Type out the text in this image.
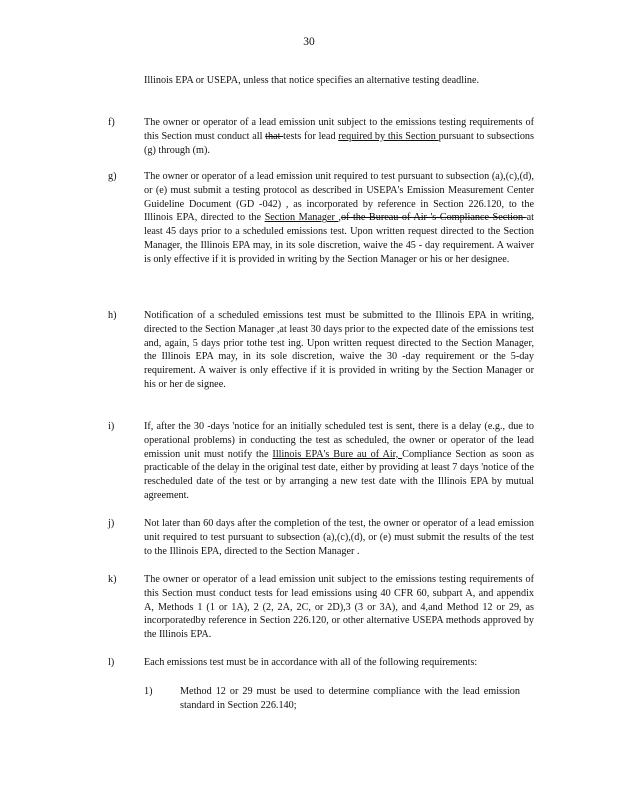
30
Illinois EPA or USEPA, unless that notice specifies an alternative testing deadline.
f)	The owner or operator of a lead emission unit subject to the emissions testing requirements of this Section must conduct all that tests for lead required by this Section pursuant to subsections (g) through (m).
g)	The owner or operator of a lead emission unit required to test pursuant to subsection (a),(c),(d), or (e) must submit a testing protocol as described in USEPA's Emission Measurement Center Guideline Document (GD -042) , as incorporated by reference in Section 226.120, to the Illinois EPA, directed to the Section Manager ,of the Bureau of Air 's Compliance Section at least 45 days prior to a scheduled emissions test. Upon written request directed to the Section Manager, the Illinois EPA may, in its sole discretion, waive the 45 - day requirement. A waiver is only effective if it is provided in writing by the Section Manager or his or her designee.
h)	Notification of a scheduled emissions test must be submitted to the Illinois EPA in writing, directed to the Section Manager ,at least 30 days prior to the expected date of the emissions test and, again, 5 days prior tothe test ing. Upon written request directed to the Section Manager, the Illinois EPA may, in its sole discretion, waive the 30 -day requirement or the 5-day requirement. A waiver is only effective if it is provided in writing by the Section Manager or his or her de signee.
i)	If, after the 30 -days 'notice for an initially scheduled test is sent, there is a delay (e.g., due to operational problems) in conducting the test as scheduled, the owner or operator of the lead emission unit must notify the Illinois EPA's Bure au of Air, Compliance Section as soon as practicable of the delay in the original test date, either by providing at least 7 days 'notice of the rescheduled date of the test or by arranging a new test date with the Illinois EPA by mutual agreement.
j)	Not later than 60 days after the completion of the test, the owner or operator of a lead emission unit required to test pursuant to subsection (a),(c),(d), or (e) must submit the results of the test to the Illinois EPA, directed to the Section Manager .
k)	The owner or operator of a lead emission unit subject to the emissions testing requirements of this Section must conduct tests for lead emissions using 40 CFR 60, subpart A, and appendix A, Methods 1 (1 or 1A), 2 (2, 2A, 2C, or 2D),3 (3 or 3A), and 4,and Method 12 or 29, as incorporatedby reference in Section 226.120, or other alternative USEPA methods approved by the Illinois EPA.
l)	Each emissions test must be in accordance with all of the following requirements:
1)	Method 12 or 29 must be used to determine compliance with the lead emission standard in Section 226.140;
